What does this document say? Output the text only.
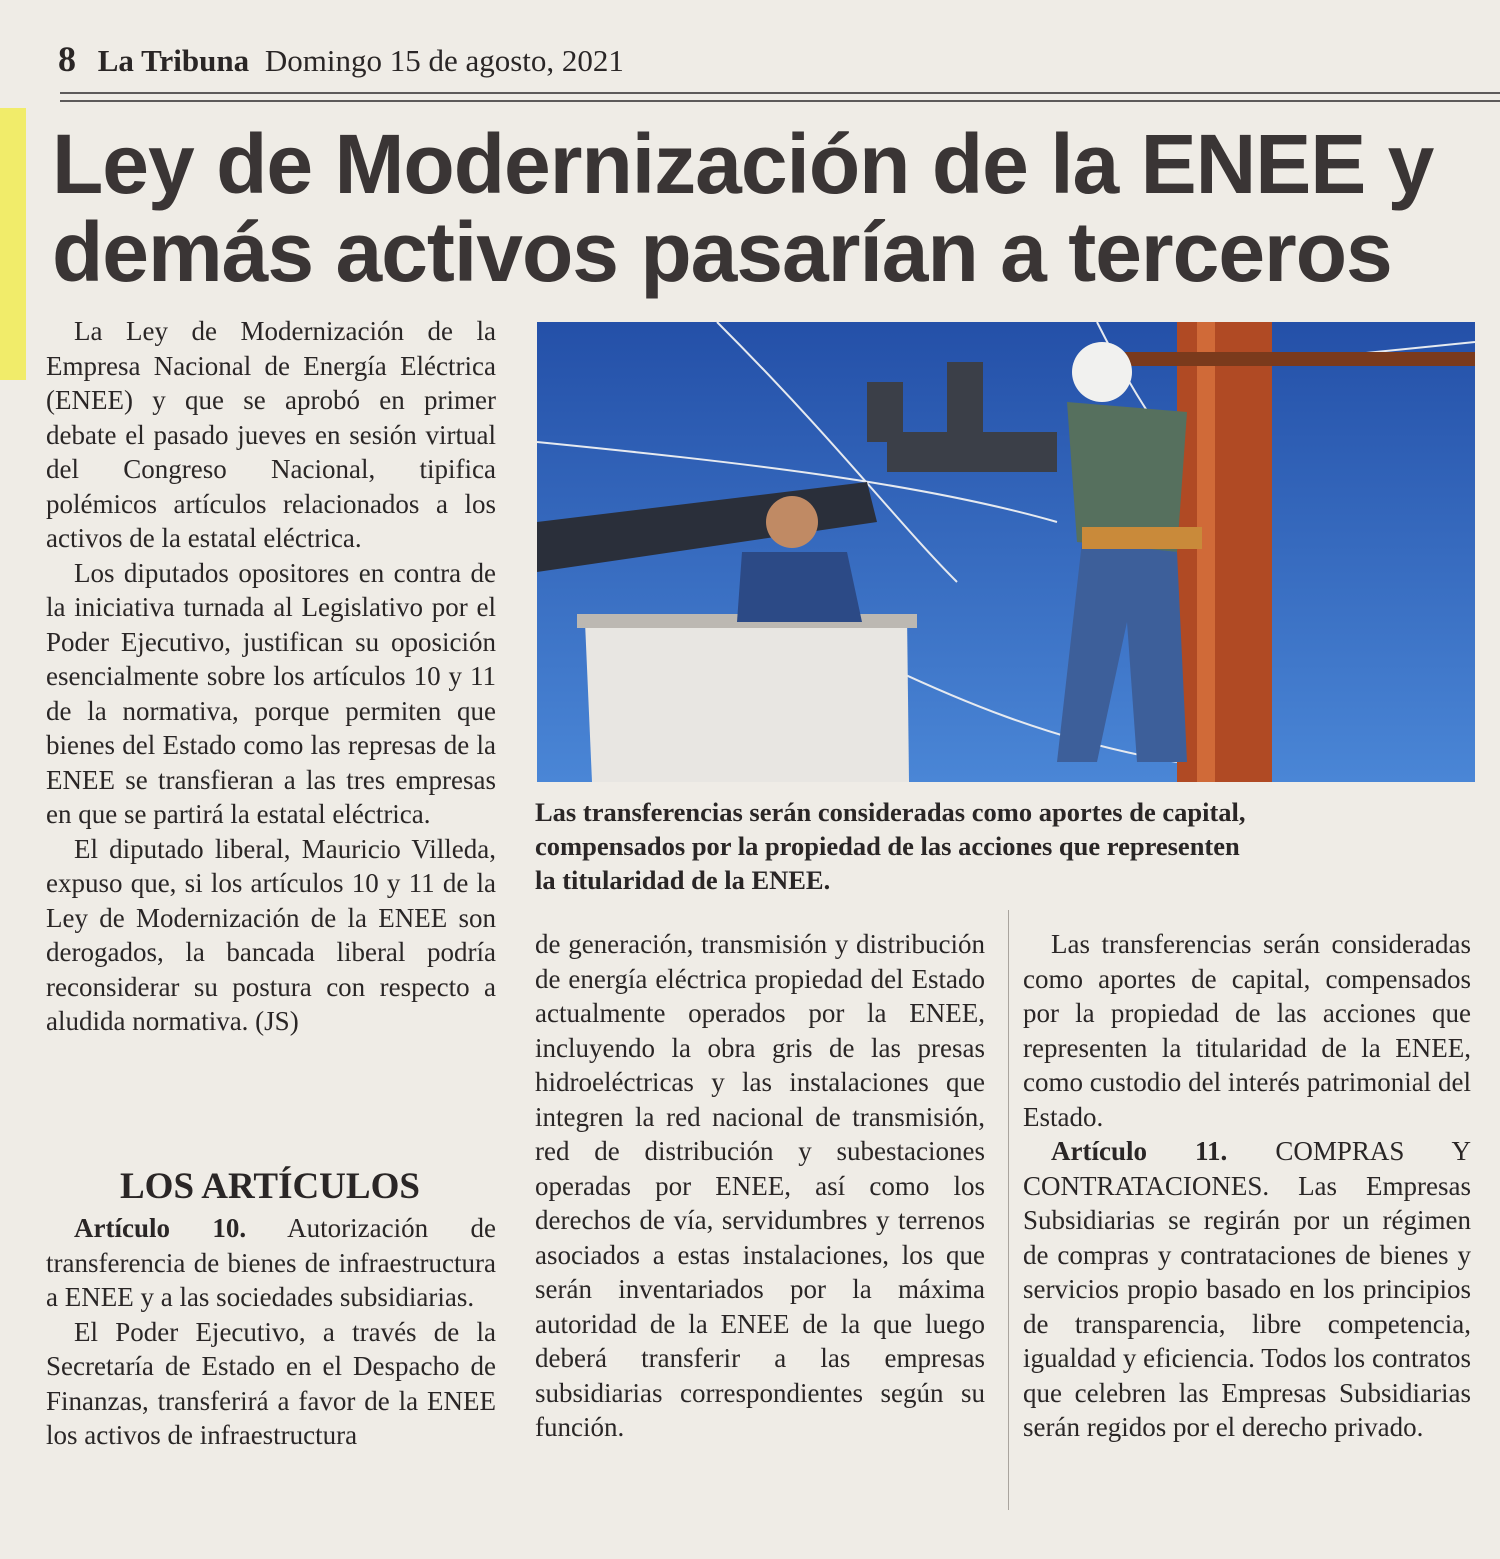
8 La Tribuna Domingo 15 de agosto, 2021
Ley de Modernización de la ENEE y
demás activos pasarían a terceros

La Ley de Modernización de la Empresa Nacional de Energía Eléctrica (ENEE) y que se aprobó en primer debate el pasado jueves en sesión virtual del Congreso Nacional, tipifica polémicos artículos relacionados a los activos de la estatal eléctrica.

Los diputados opositores en contra de la iniciativa turnada al Legislativo por el Poder Ejecutivo, justifican su oposición esencialmente sobre los artículos 10 y 11 de la normativa, porque permiten que bienes del Estado como las represas de la ENEE se transfieran a las tres empresas en que se partirá la estatal eléctrica.

El diputado liberal, Mauricio Villeda, expuso que, si los artículos 10 y 11 de la Ley de Modernización de la ENEE son derogados, la bancada liberal podría reconsiderar su postura con respecto a aludida normativa. (JS)

Las transferencias serán consideradas como aportes de capital,
compensados por la propiedad de las acciones que representen
la titularidad de la ENEE.

LOS ARTÍCULOS

Artículo 10. Autorización de transferencia de bienes de infraestructura a ENEE y a las sociedades subsidiarias.

El Poder Ejecutivo, a través de la Secretaría de Estado en el Despacho de Finanzas, transferirá a favor de la ENEE los activos de infraestructura

de generación, transmisión y distribución de energía eléctrica propiedad del Estado actualmente operados por la ENEE, incluyendo la obra gris de las presas hidroeléctricas y las instalaciones que integren la red nacional de transmisión, red de distribución y subestaciones operadas por ENEE, así como los derechos de vía, servidumbres y terrenos asociados a estas instalaciones, los que serán inventariados por la máxima autoridad de la ENEE de la que luego deberá transferir a las empresas subsidiarias correspondientes según su función.

Las transferencias serán consideradas como aportes de capital, compensados por la propiedad de las acciones que representen la titularidad de la ENEE, como custodio del interés patrimonial del Estado.

Artículo 11. COMPRAS Y CONTRATACIONES. Las Empresas Subsidiarias se regirán por un régimen de compras y contrataciones de bienes y servicios propio basado en los principios de transparencia, libre competencia, igualdad y eficiencia. Todos los contratos que celebren las Empresas Subsidiarias serán regidos por el derecho privado.
